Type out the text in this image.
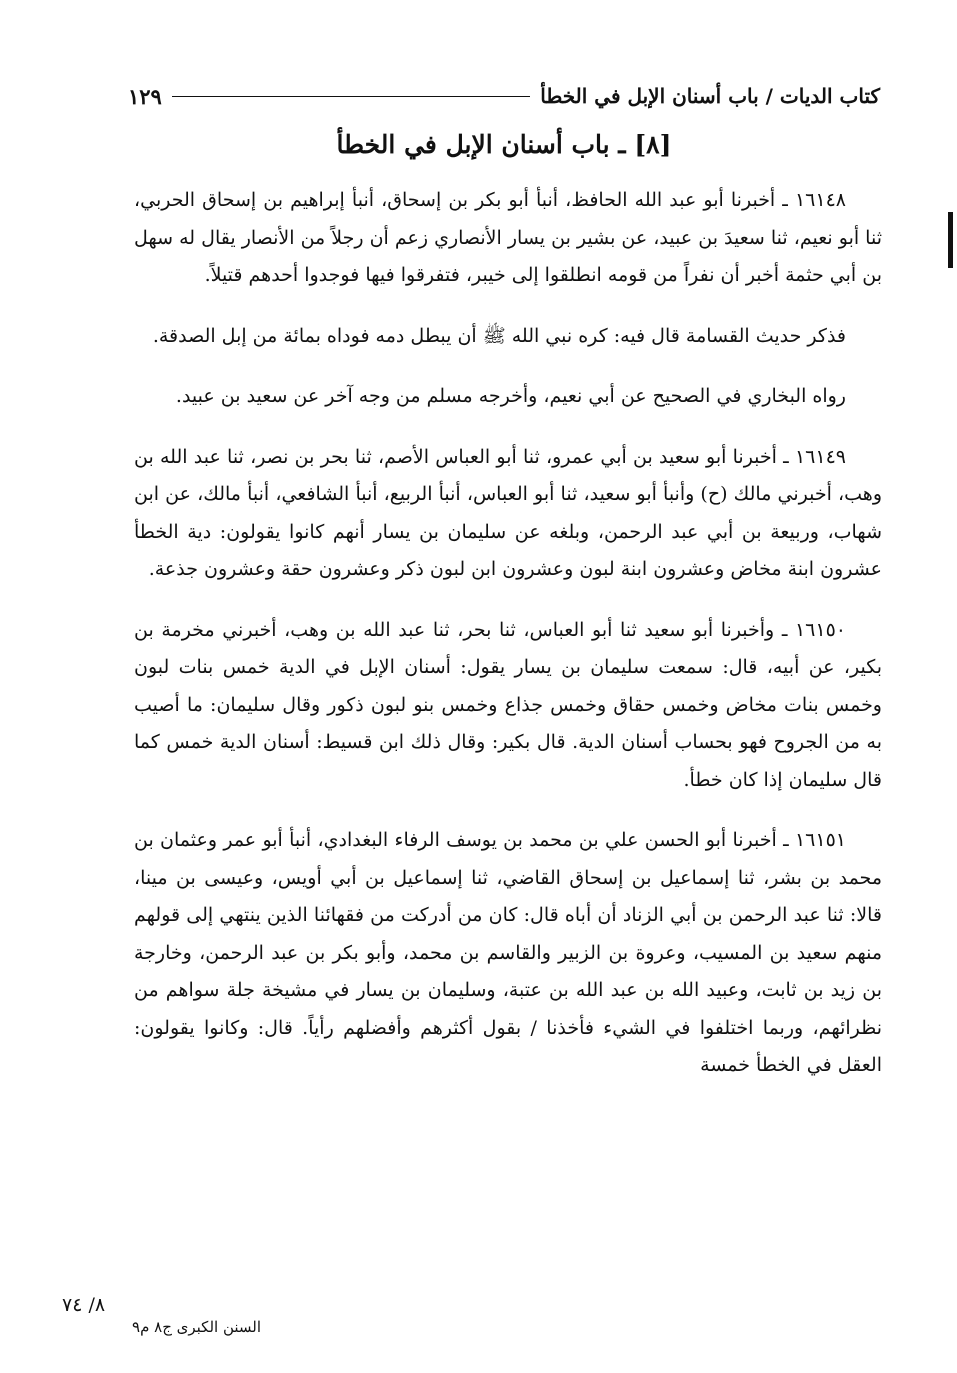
كتاب الديات / باب أسنان الإبل في الخطأ
١٢٩
[٨] ـ باب أسنان الإبل في الخطأ

١٦١٤٨ ـ أخبرنا أبو عبد الله الحافظ، أنبأ أبو بكر بن إسحاق، أنبأ إبراهيم بن إسحاق الحربي، ثنا أبو نعيم، ثنا سعيدَ بن عبيد، عن بشير بن يسار الأنصاري زعم أن رجلاً من الأنصار يقال له سهل بن أبي حثمة أخبر أن نفراً من قومه انطلقوا إلى خيبر، فتفرقوا فيها فوجدوا أحدهم قتيلاً.

فذكر حديث القسامة قال فيه: كره نبي الله ﷺ أن يبطل دمه فوداه بمائة من إبل الصدقة.

رواه البخاري في الصحيح عن أبي نعيم، وأخرجه مسلم من وجه آخر عن سعيد بن عبيد.

١٦١٤٩ ـ أخبرنا أبو سعيد بن أبي عمرو، ثنا أبو العباس الأصم، ثنا بحر بن نصر، ثنا عبد الله بن وهب، أخبرني مالك (ح) وأنبأ أبو سعيد، ثنا أبو العباس، أنبأ الربيع، أنبأ الشافعي، أنبأ مالك، عن ابن شهاب، وربيعة بن أبي عبد الرحمن، وبلغه عن سليمان بن يسار أنهم كانوا يقولون: دية الخطأ عشرون ابنة مخاض وعشرون ابنة لبون وعشرون ابن لبون ذكر وعشرون حقة وعشرون جذعة.

١٦١٥٠ ـ وأخبرنا أبو سعيد ثنا أبو العباس، ثنا بحر، ثنا عبد الله بن وهب، أخبرني مخرمة بن بكير، عن أبيه، قال: سمعت سليمان بن يسار يقول: أسنان الإبل في الدية خمس بنات لبون وخمس بنات مخاض وخمس حقاق وخمس جذاع وخمس بنو لبون ذكور وقال سليمان: ما أصيب به من الجروح فهو بحساب أسنان الدية. قال بكير: وقال ذلك ابن قسيط: أسنان الدية خمس كما قال سليمان إذا كان خطأ.

١٦١٥١ ـ أخبرنا أبو الحسن علي بن محمد بن يوسف الرفاء البغدادي، أنبأ أبو عمر وعثمان بن محمد بن بشر، ثنا إسماعيل بن إسحاق القاضي، ثنا إسماعيل بن أبي أويس، وعيسى بن مينا، قالا: ثنا عبد الرحمن بن أبي الزناد أن أباه قال: كان من أدركت من فقهائنا الذين ينتهي إلى قولهم منهم سعيد بن المسيب، وعروة بن الزبير والقاسم بن محمد، وأبو بكر بن عبد الرحمن، وخارجة بن زيد بن ثابت، وعبيد الله بن عبد الله بن عتبة، وسليمان بن يسار في مشيخة جلة سواهم من نظرائهم، وربما اختلفوا في الشيء فأخذنا / بقول أكثرهم وأفضلهم رأياً. قال: وكانوا يقولون: العقل في الخطأ خمسة

٨/ ٧٤
السنن الكبرى ج٨ م٩
